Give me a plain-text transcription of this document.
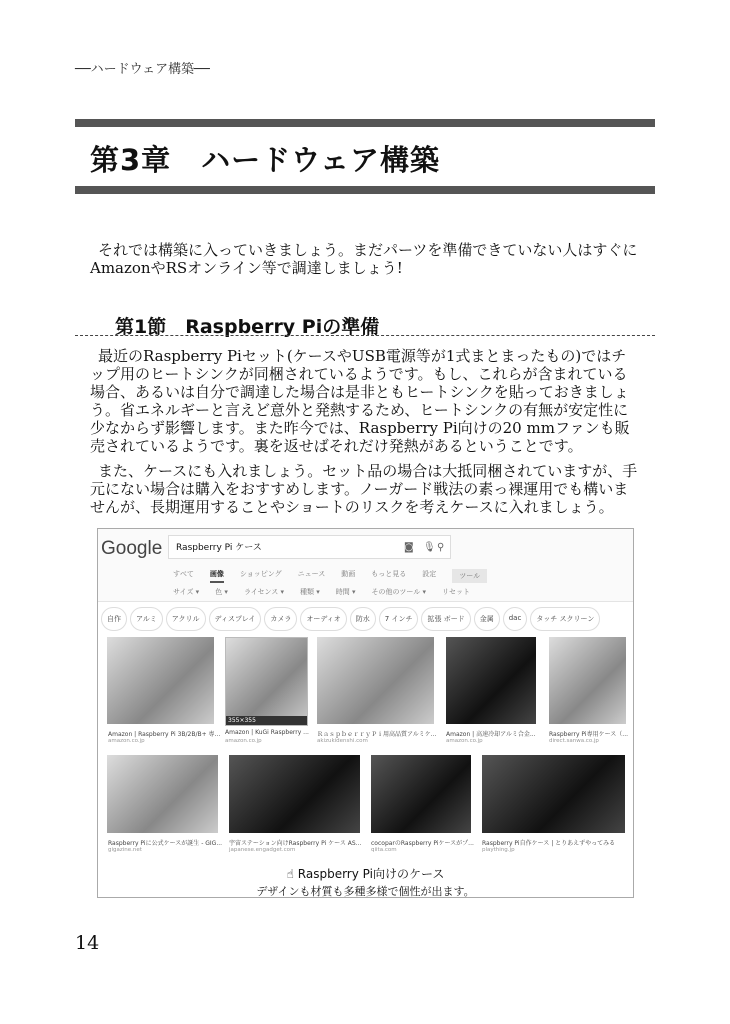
──ハードウェア構築──
第3章　ハードウェア構築
それでは構築に入っていきましょう。まだパーツを準備できていない人はすぐにAmazonやRSオンライン等で調達しましょう!
第1節　Raspberry Piの準備
最近のRaspberry Piセット(ケースやUSB電源等が1式まとまったもの)ではチップ用のヒートシンクが同梱されているようです。もし、これらが含まれている場合、あるいは自分で調達した場合は是非ともヒートシンクを貼っておきましょう。省エネルギーと言えど意外と発熱するため、ヒートシンクの有無が安定性に少なからず影響します。また昨今では、Raspberry Pi向けの20 mmファンも販売されているようです。裏を返せばそれだけ発熱があるということです。
また、ケースにも入れましょう。セット品の場合は大抵同梱されていますが、手元にない場合は購入をおすすめします。ノーガード戦法の素っ裸運用でも構いませんが、長期運用することやショートのリスクを考えケースに入れましょう。
Google	Raspberry Pi ケース	◙ 🎙 ⚲
すべて 画像 ショッピング ニュース 動画 もっと見る 設定	ツール
サイズ ▾ 色 ▾ ライセンス ▾ 種類 ▾ 時間 ▾ その他のツール ▾ リセット
自作	アルミ	アクリル	ディスプレイ	カメラ	オーディオ	防水	7 インチ	拡張 ボード	金属	dac	タッチ スクリーン
355×355
Amazon | Raspberry Pi 3B/2B/B+ 専...
amazon.co.jp
Amazon | KuGi Raspberry ...
amazon.co.jp
ＲａｓｐｂｅｒｒｙＰｉ用高品質アルミケ...
akizukidenshi.com
Amazon | 高速冷却アルミ合金...
amazon.co.jp
Raspberry Pi専用ケース（...
direct.sanwa.co.jp
Raspberry Piに公式ケースが誕生 - GIG...
gigazine.net
宇宙ステーション向けRaspberry Pi ケース AS...
japanese.engadget.com
cocoparのRaspberry Piケースがプ...
qiita.com
Raspberry Pi自作ケース | とりあえずやってみる
plaything.jp
☝ Raspberry Pi向けのケース
デザインも材質も多種多様で個性が出ます。
14
